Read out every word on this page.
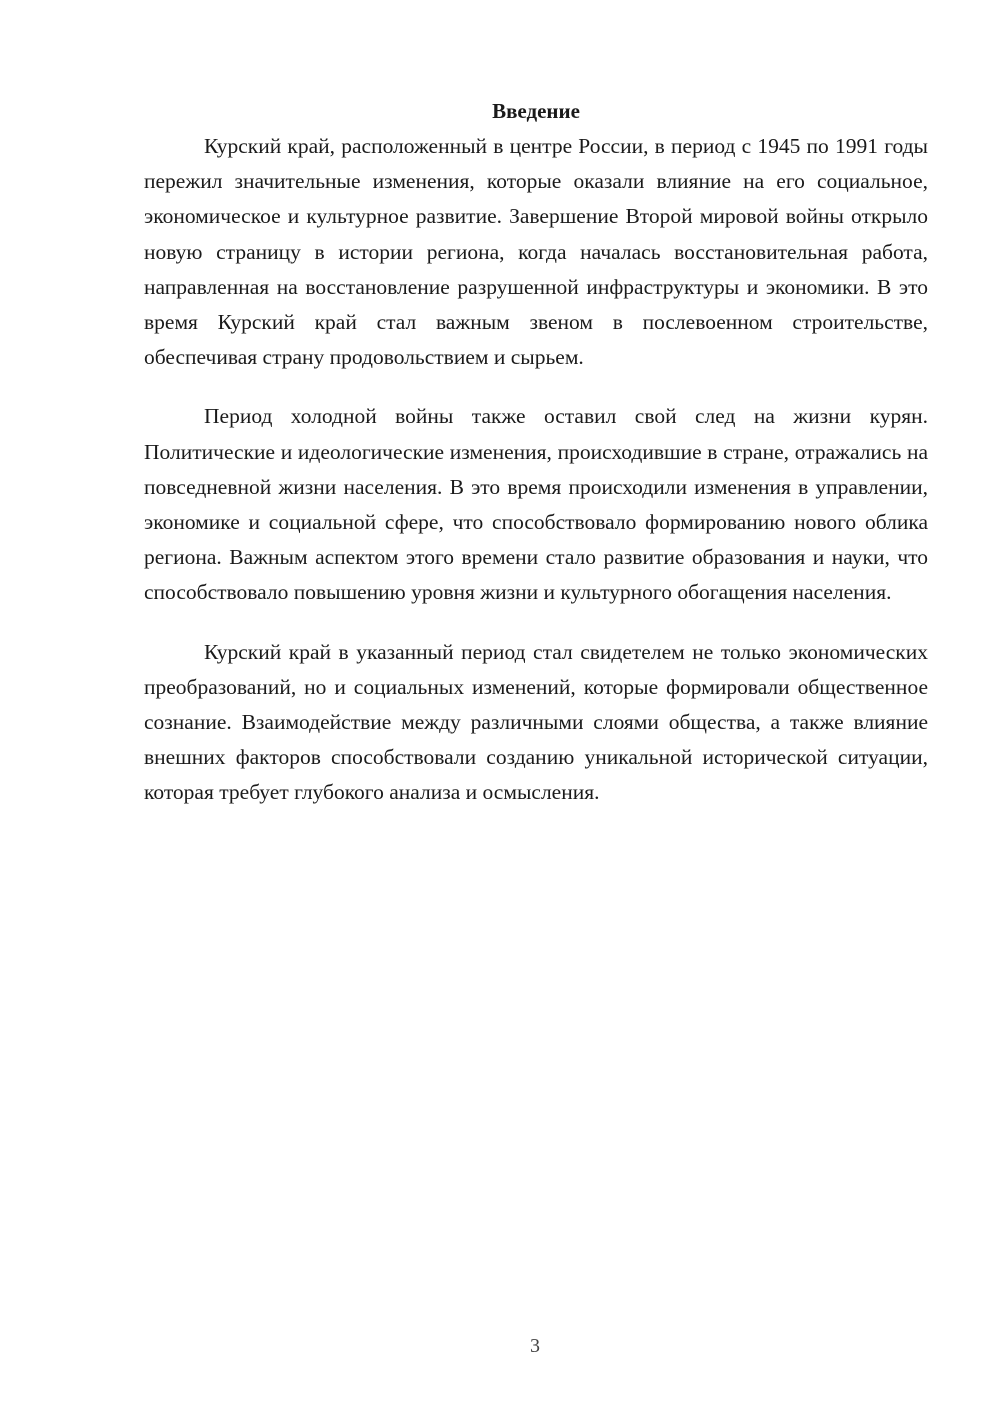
Введение

Курский край, расположенный в центре России, в период с 1945 по 1991 годы пережил значительные изменения, которые оказали влияние на его социальное, экономическое и культурное развитие. Завершение Второй мировой войны открыло новую страницу в истории региона, когда началась восстановительная работа, направленная на восстановление разрушенной инфраструктуры и экономики. В это время Курский край стал важным звеном в послевоенном строительстве, обеспечивая страну продовольствием и сырьем.

Период холодной войны также оставил свой след на жизни курян. Политические и идеологические изменения, происходившие в стране, отражались на повседневной жизни населения. В это время происходили изменения в управлении, экономике и социальной сфере, что способствовало формированию нового облика региона. Важным аспектом этого времени стало развитие образования и науки, что способствовало повышению уровня жизни и культурного обогащения населения.

Курский край в указанный период стал свидетелем не только экономических преобразований, но и социальных изменений, которые формировали общественное сознание. Взаимодействие между различными слоями общества, а также влияние внешних факторов способствовали созданию уникальной исторической ситуации, которая требует глубокого анализа и осмысления.

3
